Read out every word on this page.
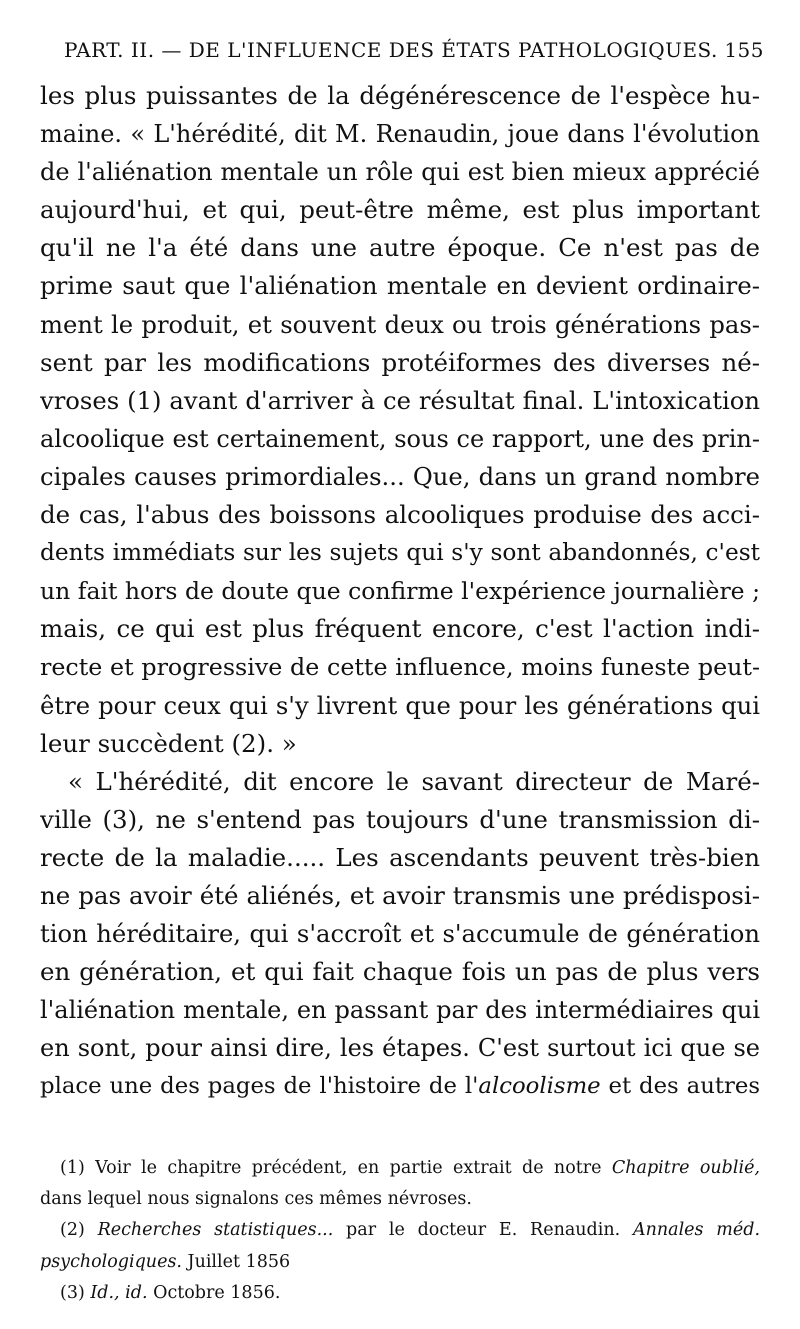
PART. II. — DE L'INFLUENCE DES ÉTATS PATHOLOGIQUES. 155
les plus puissantes de la dégénérescence de l'espèce hu-
maine. « L'hérédité, dit M. Renaudin, joue dans l'évolution
de l'aliénation mentale un rôle qui est bien mieux apprécié
aujourd'hui, et qui, peut-être même, est plus important
qu'il ne l'a été dans une autre époque. Ce n'est pas de
prime saut que l'aliénation mentale en devient ordinaire-
ment le produit, et souvent deux ou trois générations pas-
sent par les modifications protéiformes des diverses né-
vroses (1) avant d'arriver à ce résultat final. L'intoxication
alcoolique est certainement, sous ce rapport, une des prin-
cipales causes primordiales... Que, dans un grand nombre
de cas, l'abus des boissons alcooliques produise des acci-
dents immédiats sur les sujets qui s'y sont abandonnés, c'est
un fait hors de doute que confirme l'expérience journalière ;
mais, ce qui est plus fréquent encore, c'est l'action indi-
recte et progressive de cette influence, moins funeste peut-
être pour ceux qui s'y livrent que pour les générations qui
leur succèdent (2). »
« L'hérédité, dit encore le savant directeur de Maré-
ville (3), ne s'entend pas toujours d'une transmission di-
recte de la maladie..... Les ascendants peuvent très-bien
ne pas avoir été aliénés, et avoir transmis une prédisposi-
tion héréditaire, qui s'accroît et s'accumule de génération
en génération, et qui fait chaque fois un pas de plus vers
l'aliénation mentale, en passant par des intermédiaires qui
en sont, pour ainsi dire, les étapes. C'est surtout ici que se
place une des pages de l'histoire de l'alcoolisme et des autres
(1) Voir le chapitre précédent, en partie extrait de notre Chapitre oublié,
dans lequel nous signalons ces mêmes névroses.
(2) Recherches statistiques... par le docteur E. Renaudin. Annales méd.
psychologiques. Juillet 1856
(3) Id., id. Octobre 1856.
